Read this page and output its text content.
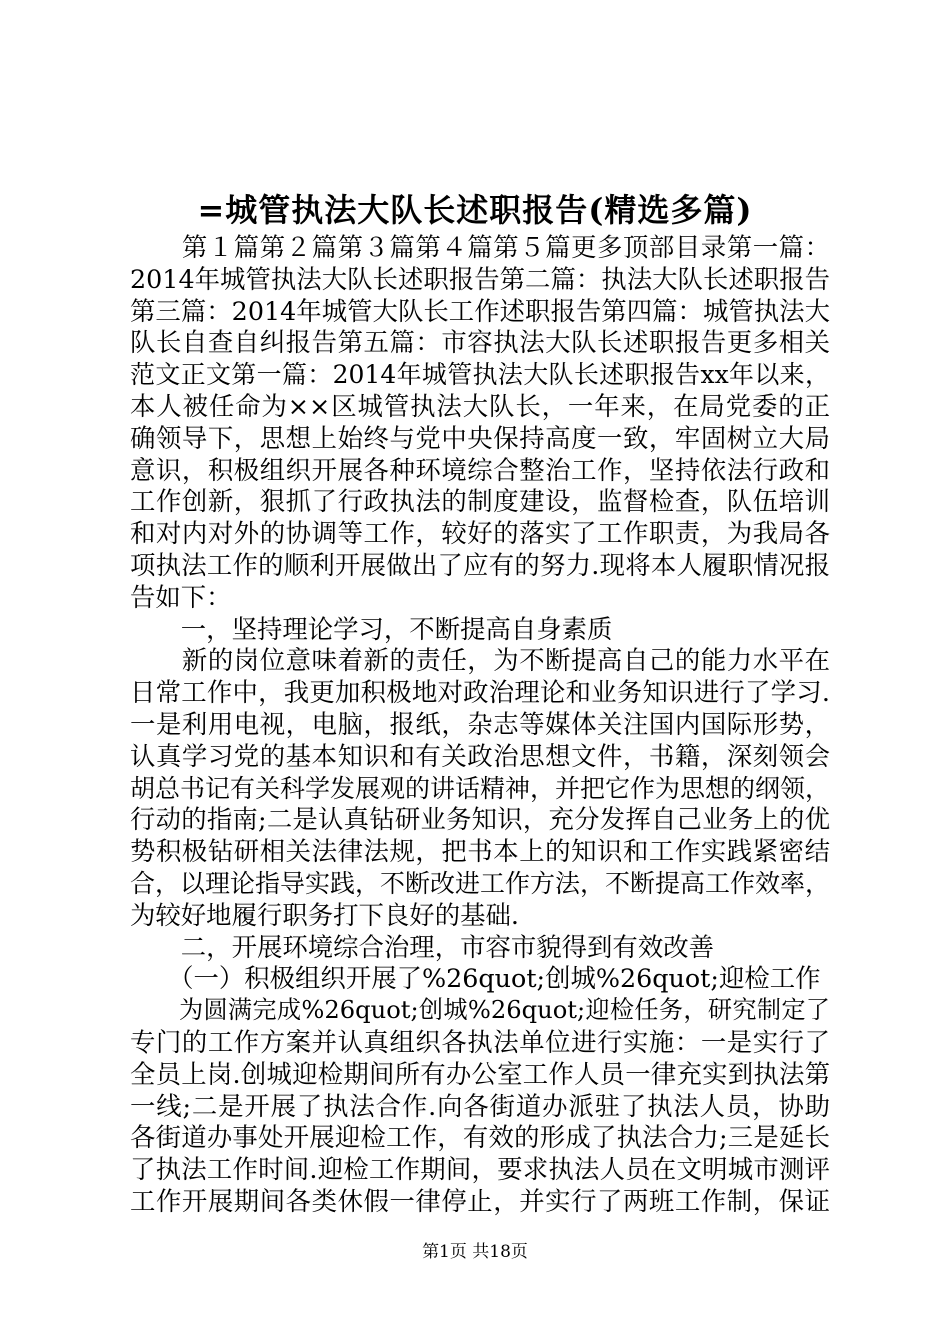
=城管执法大队长述职报告(精选多篇)
　　第１篇第２篇第３篇第４篇第５篇更多顶部目录第一篇：
2014年城管执法大队长述职报告第二篇：执法大队长述职报告
第三篇：2014年城管大队长工作述职报告第四篇：城管执法大
队长自查自纠报告第五篇：市容执法大队长述职报告更多相关
范文正文第一篇：2014年城管执法大队长述职报告xx年以来，
本人被任命为××区城管执法大队长，一年来，在局党委的正
确领导下，思想上始终与党中央保持高度一致，牢固树立大局
意识，积极组织开展各种环境综合整治工作，坚持依法行政和
工作创新，狠抓了行政执法的制度建设，监督检查，队伍培训
和对内对外的协调等工作，较好的落实了工作职责，为我局各
项执法工作的顺利开展做出了应有的努力.现将本人履职情况报
告如下：
　　一，坚持理论学习，不断提高自身素质
　　新的岗位意味着新的责任，为不断提高自己的能力水平在
日常工作中，我更加积极地对政治理论和业务知识进行了学习.
一是利用电视，电脑，报纸，杂志等媒体关注国内国际形势，
认真学习党的基本知识和有关政治思想文件，书籍，深刻领会
胡总书记有关科学发展观的讲话精神，并把它作为思想的纲领，
行动的指南;二是认真钻研业务知识，充分发挥自己业务上的优
势积极钻研相关法律法规，把书本上的知识和工作实践紧密结
合，以理论指导实践，不断改进工作方法，不断提高工作效率，
为较好地履行职务打下良好的基础.
　　二，开展环境综合治理，市容市貌得到有效改善
　　（一）积极组织开展了%26quot;创城%26quot;迎检工作
　　为圆满完成%26quot;创城%26quot;迎检任务，研究制定了
专门的工作方案并认真组织各执法单位进行实施：一是实行了
全员上岗.创城迎检期间所有办公室工作人员一律充实到执法第
一线;二是开展了执法合作.向各街道办派驻了执法人员，协助
各街道办事处开展迎检工作，有效的形成了执法合力;三是延长
了执法工作时间.迎检工作期间，要求执法人员在文明城市测评
工作开展期间各类休假一律停止，并实行了两班工作制，保证
第1页 共18页
